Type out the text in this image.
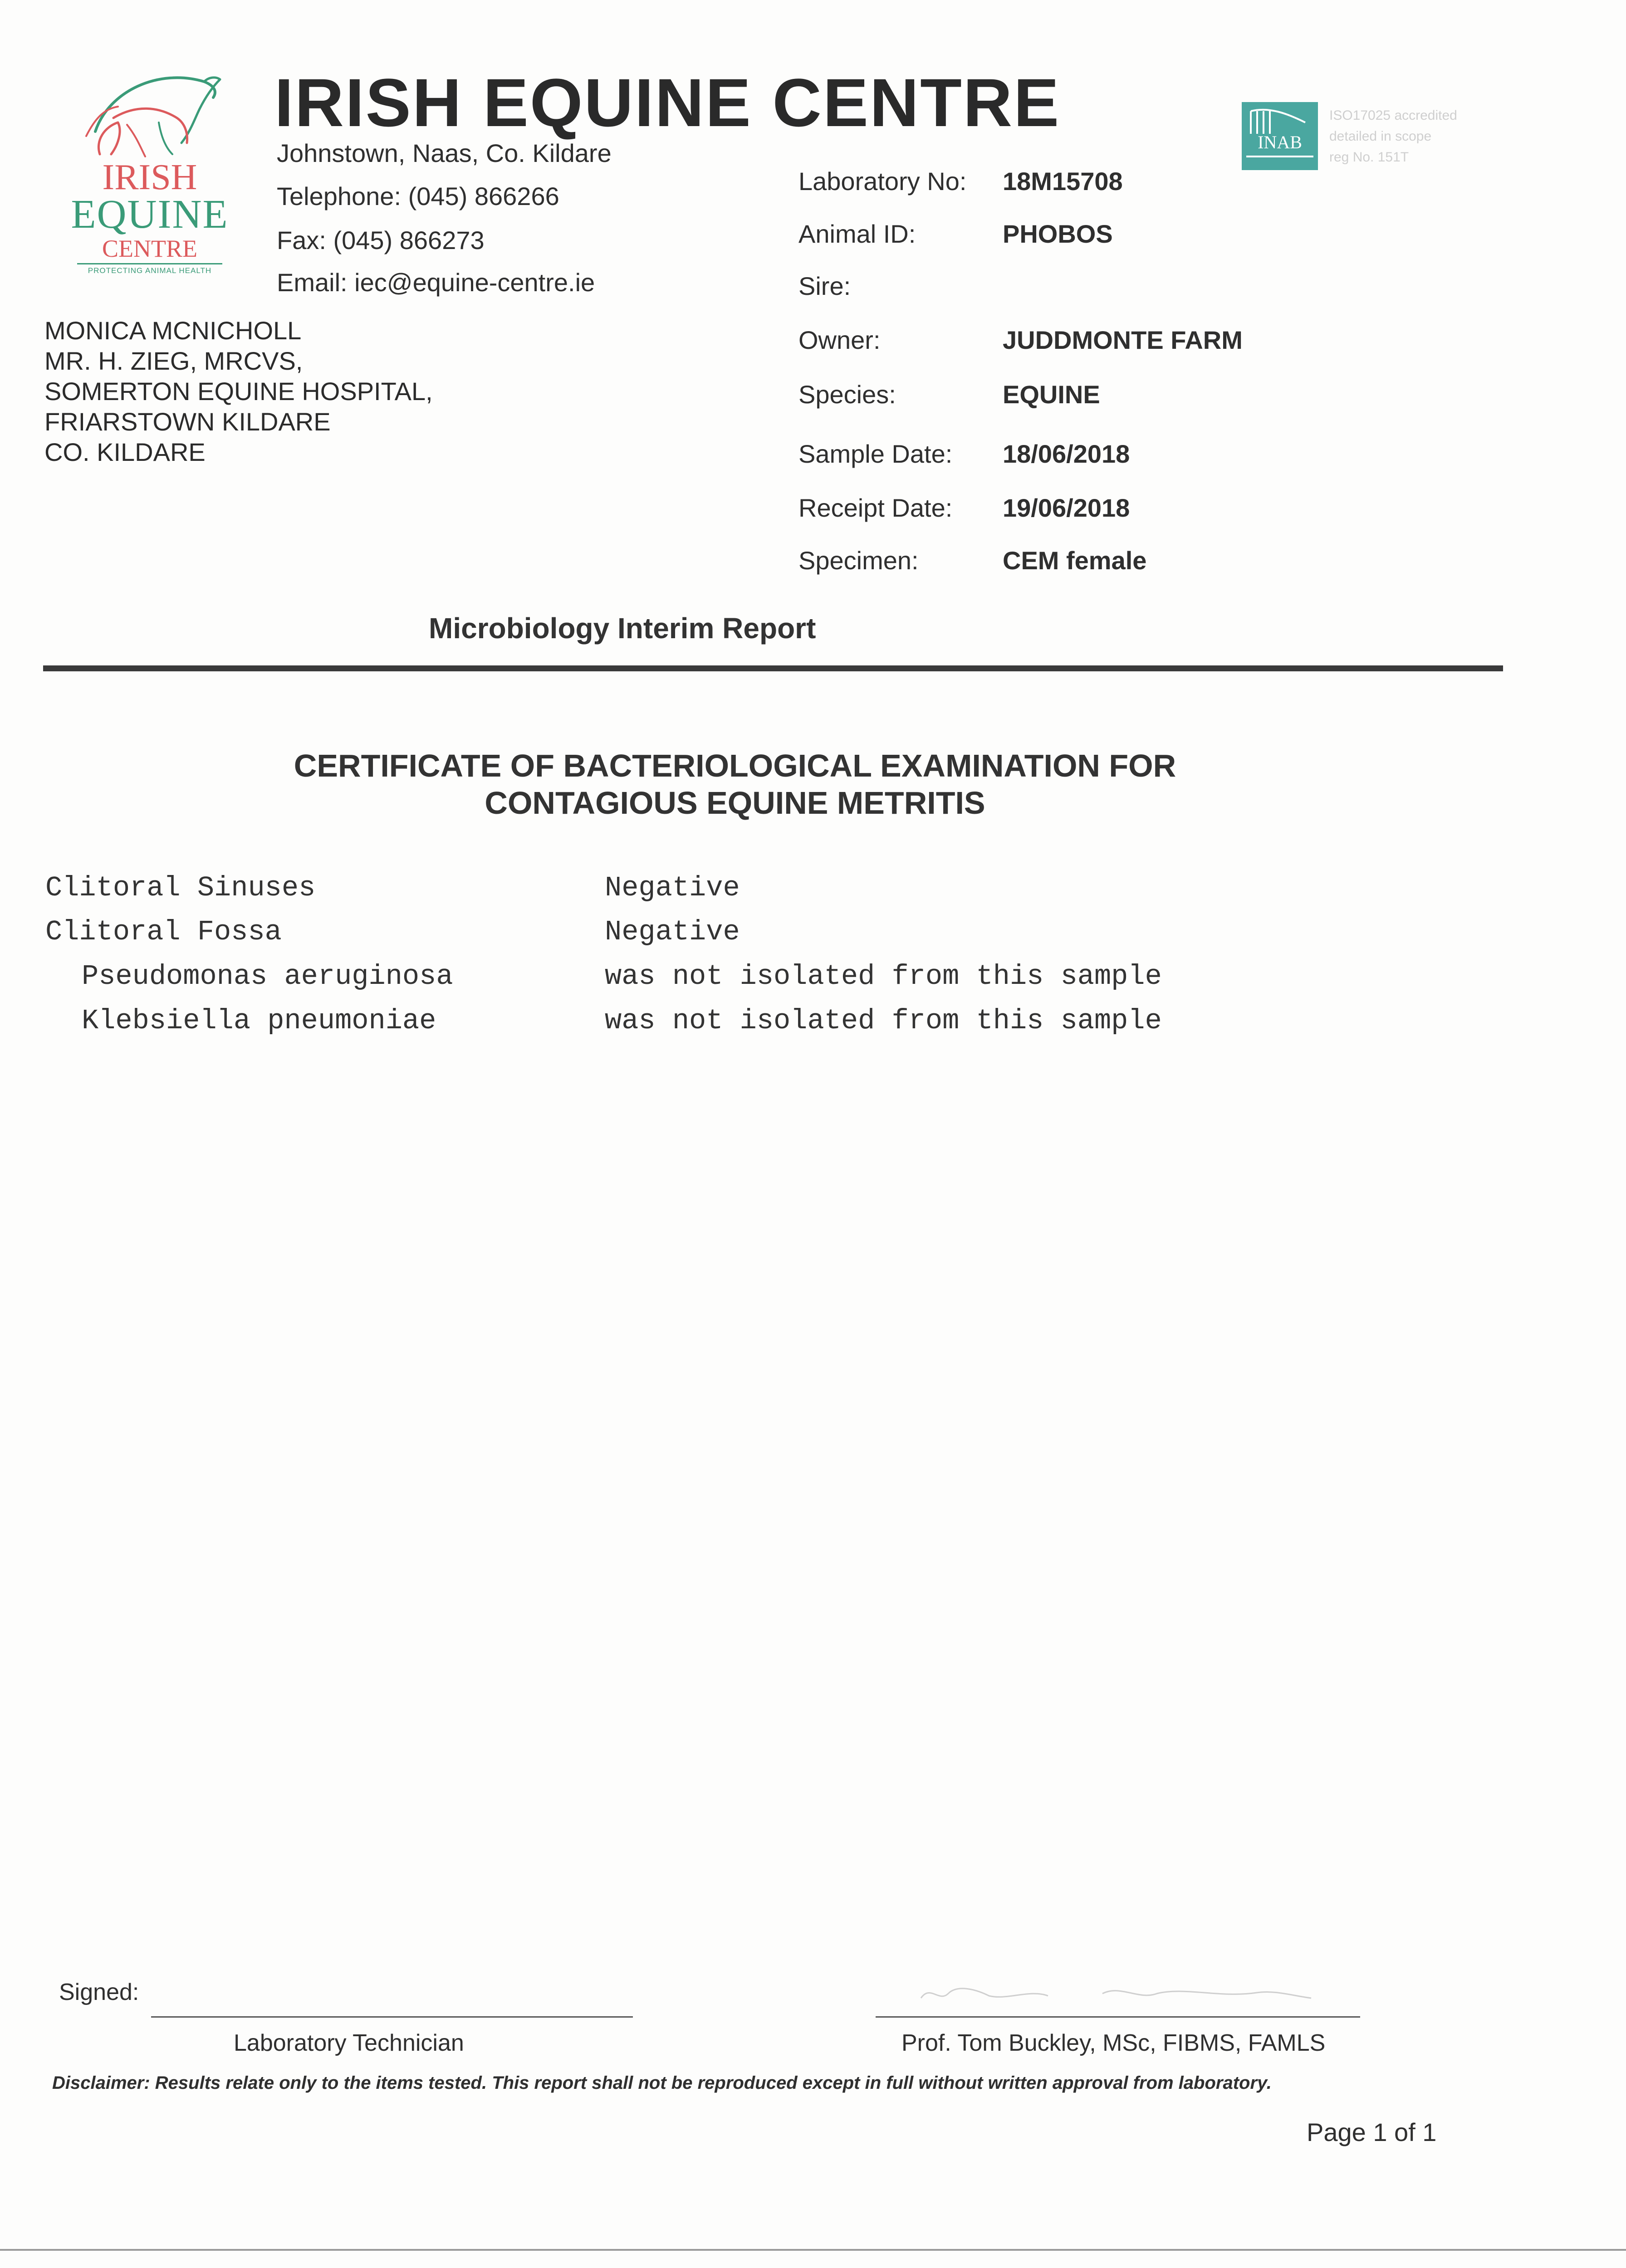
IRISH
EQUINE
CENTRE
PROTECTING ANIMAL HEALTH
IRISH EQUINE CENTRE
Johnstown, Naas, Co. Kildare
Telephone: (045) 866266
Fax: (045) 866273
Email: iec@equine-centre.ie
INAB
ISO17025 accredited
detailed in scope
reg No. 151T
MONICA MCNICHOLL
MR. H. ZIEG, MRCVS,
SOMERTON EQUINE HOSPITAL,
FRIARSTOWN KILDARE
CO. KILDARE
Laboratory No: 18M15708
Animal ID:	PHOBOS
Sire:
Owner:	JUDDMONTE FARM
Species:	EQUINE
Sample Date: 18/06/2018
Receipt Date: 19/06/2018
Specimen:	CEM female
Microbiology Interim Report
CERTIFICATE OF BACTERIOLOGICAL EXAMINATION FOR
CONTAGIOUS EQUINE METRITIS
Clitoral Sinuses	Negative
Clitoral Fossa	Negative
Pseudomonas aeruginosa	was not isolated from this sample
Klebsiella pneumoniae	was not isolated from this sample
Signed:
Laboratory Technician	Prof. Tom Buckley, MSc, FIBMS, FAMLS
Disclaimer: Results relate only to the items tested. This report shall not be reproduced except in full without written approval from laboratory.
Page 1 of 1
